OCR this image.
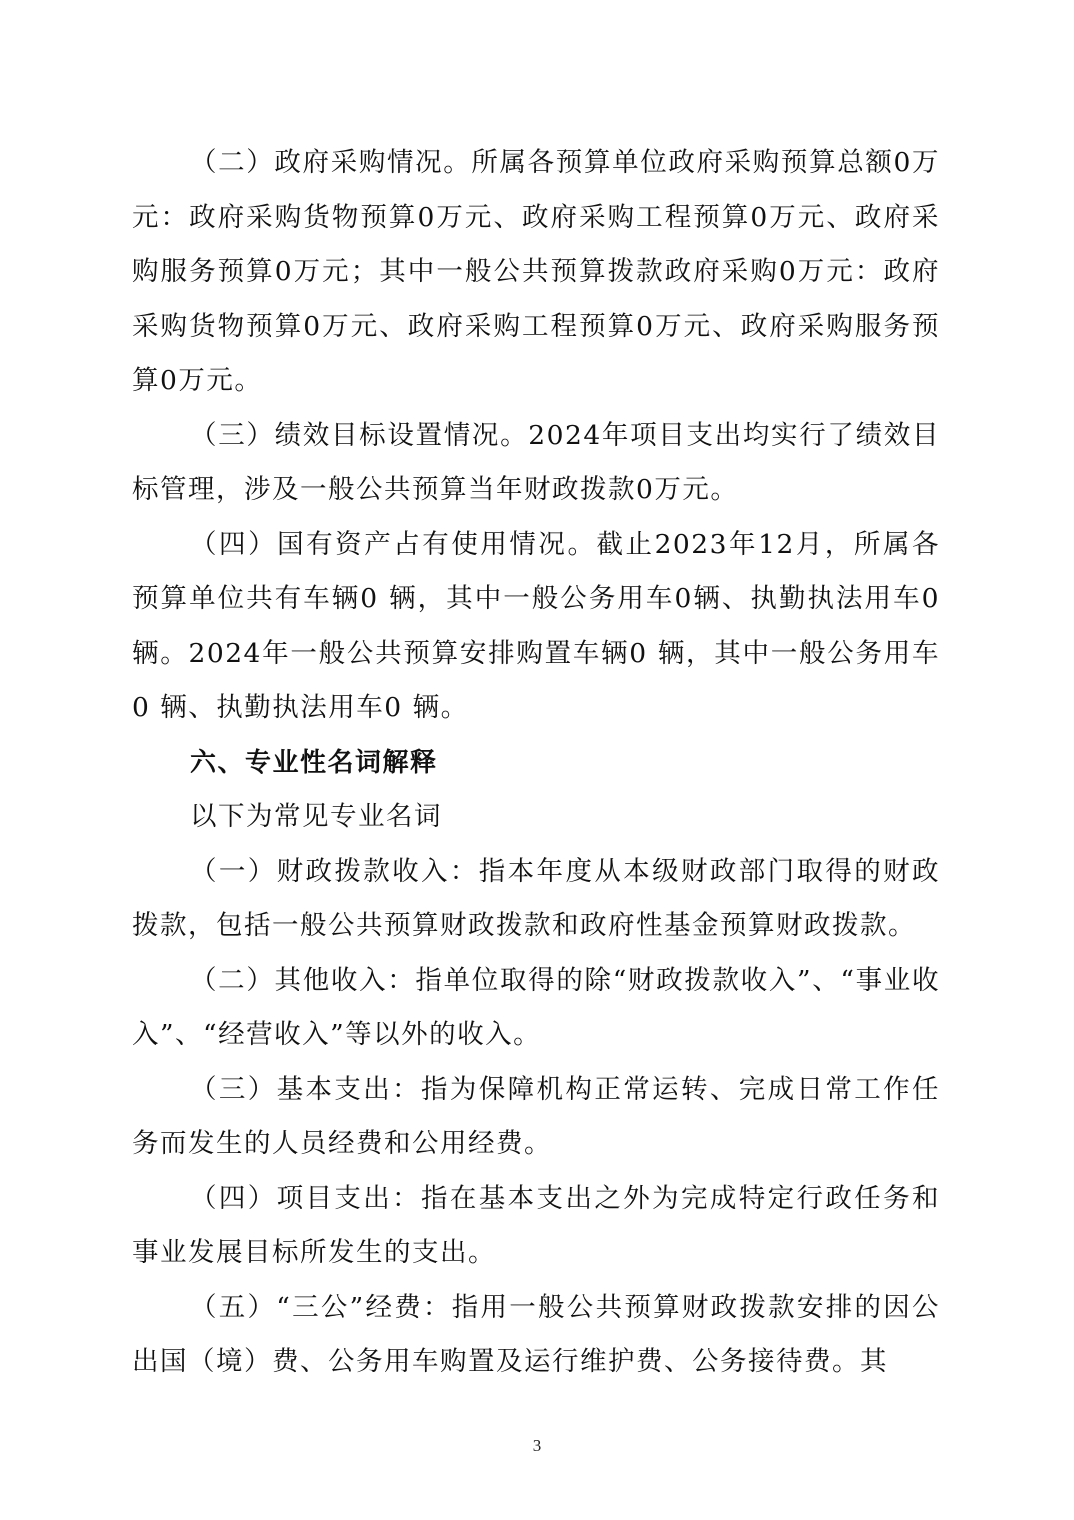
（二）政府采购情况。所属各预算单位政府采购预算总额0万元：政府采购货物预算0万元、政府采购工程预算0万元、政府采购服务预算0万元；其中一般公共预算拨款政府采购0万元：政府采购货物预算0万元、政府采购工程预算0万元、政府采购服务预算0万元。

（三）绩效目标设置情况。2024年项目支出均实行了绩效目标管理，涉及一般公共预算当年财政拨款0万元。

（四）国有资产占有使用情况。截止2023年12月，所属各预算单位共有车辆0 辆，其中一般公务用车0辆、执勤执法用车0 辆。2024年一般公共预算安排购置车辆0 辆，其中一般公务用车0 辆、执勤执法用车0 辆。

六、专业性名词解释

以下为常见专业名词

（一）财政拨款收入：指本年度从本级财政部门取得的财政拨款，包括一般公共预算财政拨款和政府性基金预算财政拨款。

（二）其他收入：指单位取得的除“财政拨款收入”、“事业收入”、“经营收入”等以外的收入。

（三）基本支出：指为保障机构正常运转、完成日常工作任务而发生的人员经费和公用经费。

（四）项目支出：指在基本支出之外为完成特定行政任务和事业发展目标所发生的支出。

（五）“三公”经费：指用一般公共预算财政拨款安排的因公出国（境）费、公务用车购置及运行维护费、公务接待费。其

3
